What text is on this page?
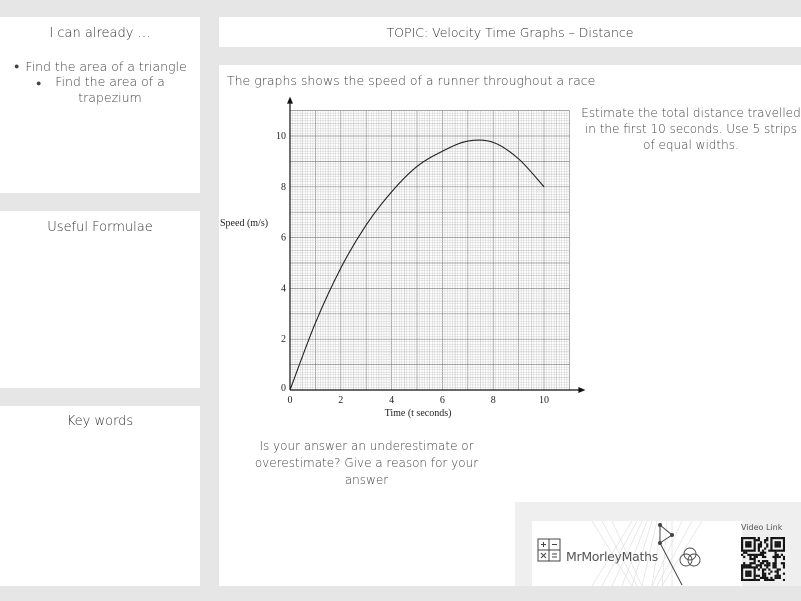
I can already …
● Find the area of a triangle
● Find the area of a trapezium
Useful Formulae
Key words
TOPIC: Velocity Time Graphs – Distance
The graphs shows the speed of a runner throughout a race
0	2	4	6	8	10
0
2
4
6
8
10
Speed (m/s)
Time (t seconds)
Estimate the total distance travelled in the first 10 seconds. Use 5 strips of equal widths.
Is your answer an underestimate or overestimate? Give a reason for your answer
MrMorleyMaths
Video Link
